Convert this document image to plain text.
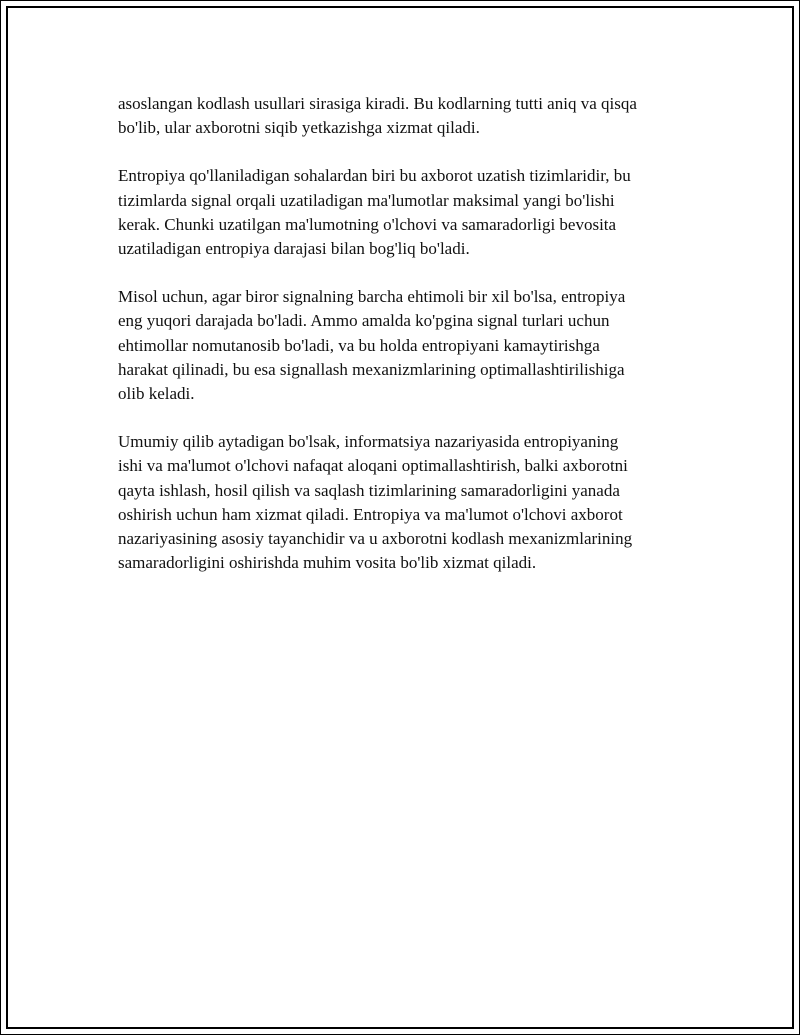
asoslangan kodlash usullari sirasiga kiradi. Bu kodlarning tutti aniq va qisqa
bo'lib, ular axborotni siqib yetkazishga xizmat qiladi.

Entropiya qo'llaniladigan sohalardan biri bu axborot uzatish tizimlaridir, bu
tizimlarda signal orqali uzatiladigan ma'lumotlar maksimal yangi bo'lishi
kerak. Chunki uzatilgan ma'lumotning o'lchovi va samaradorligi bevosita
uzatiladigan entropiya darajasi bilan bog'liq bo'ladi.

Misol uchun, agar biror signalning barcha ehtimoli bir xil bo'lsa, entropiya
eng yuqori darajada bo'ladi. Ammo amalda ko'pgina signal turlari uchun
ehtimollar nomutanosib bo'ladi, va bu holda entropiyani kamaytirishga
harakat qilinadi, bu esa signallash mexanizmlarining optimallashtirilishiga
olib keladi.

Umumiy qilib aytadigan bo'lsak, informatsiya nazariyasida entropiyaning
ishi va ma'lumot o'lchovi nafaqat aloqani optimallashtirish, balki axborotni
qayta ishlash, hosil qilish va saqlash tizimlarining samaradorligini yanada
oshirish uchun ham xizmat qiladi. Entropiya va ma'lumot o'lchovi axborot
nazariyasining asosiy tayanchidir va u axborotni kodlash mexanizmlarining
samaradorligini oshirishda muhim vosita bo'lib xizmat qiladi.
